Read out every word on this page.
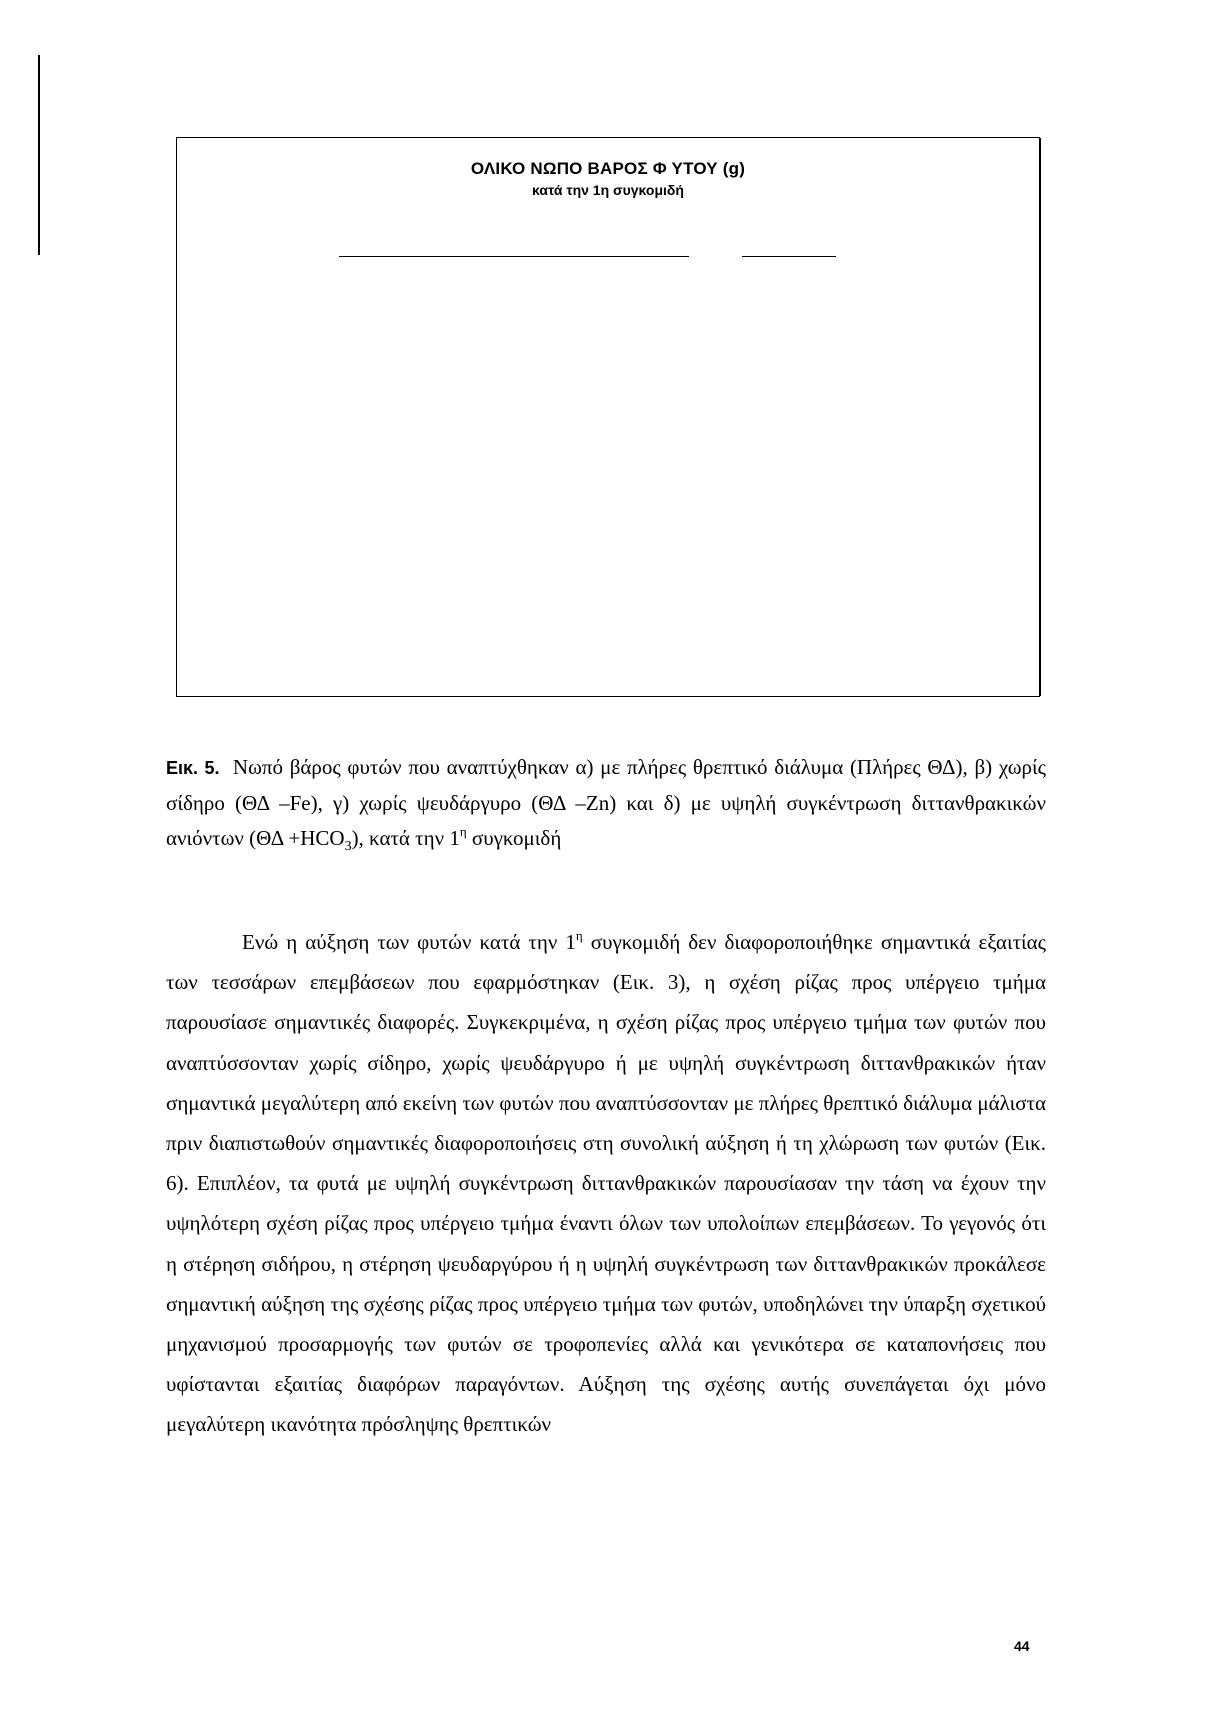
ΟΛΙΚΟ ΝΩΠΟ ΒΑΡΟΣ Φ ΥΤΟΥ (g)
κατά την 1η συγκομιδή
Εικ. 5. Νωπό βάρος φυτών που αναπτύχθηκαν α) με πλήρες θρεπτικό διάλυμα (Πλήρες ΘΔ), β) χωρίς σίδηρο (ΘΔ –Fe), γ) χωρίς ψευδάργυρο (ΘΔ –Zn) και δ) με υψηλή συγκέντρωση διττανθρακικών ανιόντων $(\Theta\Delta +HCO_3)$, κατά την $1^\eta$ συγκομιδή

Ενώ η αύξηση των φυτών κατά την $1^\eta$ συγκομιδή δεν διαφοροποιήθηκε σημαντικά εξαιτίας των τεσσάρων επεμβάσεων που εφαρμόστηκαν (Εικ. 3), η σχέση ρίζας προς υπέργειο τμήμα παρουσίασε σημαντικές διαφορές. Συγκεκριμένα, η σχέση ρίζας προς υπέργειο τμήμα των φυτών που αναπτύσσονταν χωρίς σίδηρο, χωρίς ψευδάργυρο ή με υψηλή συγκέντρωση διττανθρακικών ήταν σημαντικά μεγαλύτερη από εκείνη των φυτών που αναπτύσσονταν με πλήρες θρεπτικό διάλυμα μάλιστα πριν διαπιστωθούν σημαντικές διαφοροποιήσεις στη συνολική αύξηση ή τη χλώρωση των φυτών (Εικ. 6). Επιπλέον, τα φυτά με υψηλή συγκέντρωση διττανθρακικών παρουσίασαν την τάση να έχουν την υψηλότερη σχέση ρίζας προς υπέργειο τμήμα έναντι όλων των υπολοίπων επεμβάσεων. Το γεγονός ότι η στέρηση σιδήρου, η στέρηση ψευδαργύρου ή η υψηλή συγκέντρωση των διττανθρακικών προκάλεσε σημαντική αύξηση της σχέσης ρίζας προς υπέργειο τμήμα των φυτών, υποδηλώνει την ύπαρξη σχετικού μηχανισμού προσαρμογής των φυτών σε τροφοπενίες αλλά και γενικότερα σε καταπονήσεις που υφίστανται εξαιτίας διαφόρων παραγόντων. Αύξηση της σχέσης αυτής συνεπάγεται όχι μόνο μεγαλύτερη ικανότητα πρόσληψης θρεπτικών

44
